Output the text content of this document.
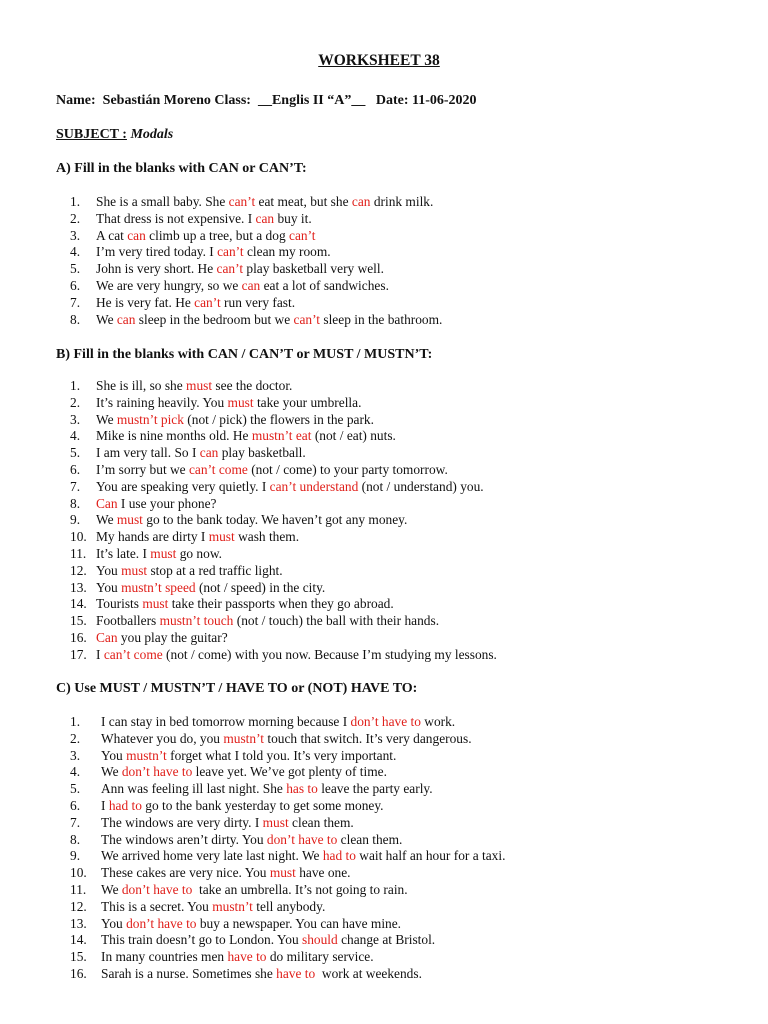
WORKSHEET 38
Name: Sebastián Moreno Class: __Englis II “A”__ Date: 11-06-2020
SUBJECT : Modals
A) Fill in the blanks with CAN or CAN’T:
1. She is a small baby. She can’t eat meat, but she can drink milk.
2. That dress is not expensive. I can buy it.
3. A cat can climb up a tree, but a dog can’t
4. I’m very tired today. I can’t clean my room.
5. John is very short. He can’t play basketball very well.
6. We are very hungry, so we can eat a lot of sandwiches.
7. He is very fat. He can’t run very fast.
8. We can sleep in the bedroom but we can’t sleep in the bathroom.
B) Fill in the blanks with CAN / CAN’T or MUST / MUSTN’T:
1. She is ill, so she must see the doctor.
2. It’s raining heavily. You must take your umbrella.
3. We mustn’t pick (not / pick) the flowers in the park.
4. Mike is nine months old. He mustn’t eat (not / eat) nuts.
5. I am very tall. So I can play basketball.
6. I’m sorry but we can’t come (not / come) to your party tomorrow.
7. You are speaking very quietly. I can’t understand (not / understand) you.
8. Can I use your phone?
9. We must go to the bank today. We haven’t got any money.
10. My hands are dirty I must wash them.
11. It’s late. I must go now.
12. You must stop at a red traffic light.
13. You mustn’t speed (not / speed) in the city.
14. Tourists must take their passports when they go abroad.
15. Footballers mustn’t touch (not / touch) the ball with their hands.
16. Can you play the guitar?
17. I can’t come (not / come) with you now. Because I’m studying my lessons.
C) Use MUST / MUSTN’T / HAVE TO or (NOT) HAVE TO:
1. I can stay in bed tomorrow morning because I don’t have to work.
2. Whatever you do, you mustn’t touch that switch. It’s very dangerous.
3. You mustn’t forget what I told you. It’s very important.
4. We don’t have to leave yet. We’ve got plenty of time.
5. Ann was feeling ill last night. She has to leave the party early.
6. I had to go to the bank yesterday to get some money.
7. The windows are very dirty. I must clean them.
8. The windows aren’t dirty. You don’t have to clean them.
9. We arrived home very late last night. We had to wait half an hour for a taxi.
10. These cakes are very nice. You must have one.
11. We don’t have to  take an umbrella. It’s not going to rain.
12. This is a secret. You mustn’t tell anybody.
13. You don’t have to buy a newspaper. You can have mine.
14. This train doesn’t go to London. You should change at Bristol.
15. In many countries men have to do military service.
16. Sarah is a nurse. Sometimes she have to  work at weekends.
